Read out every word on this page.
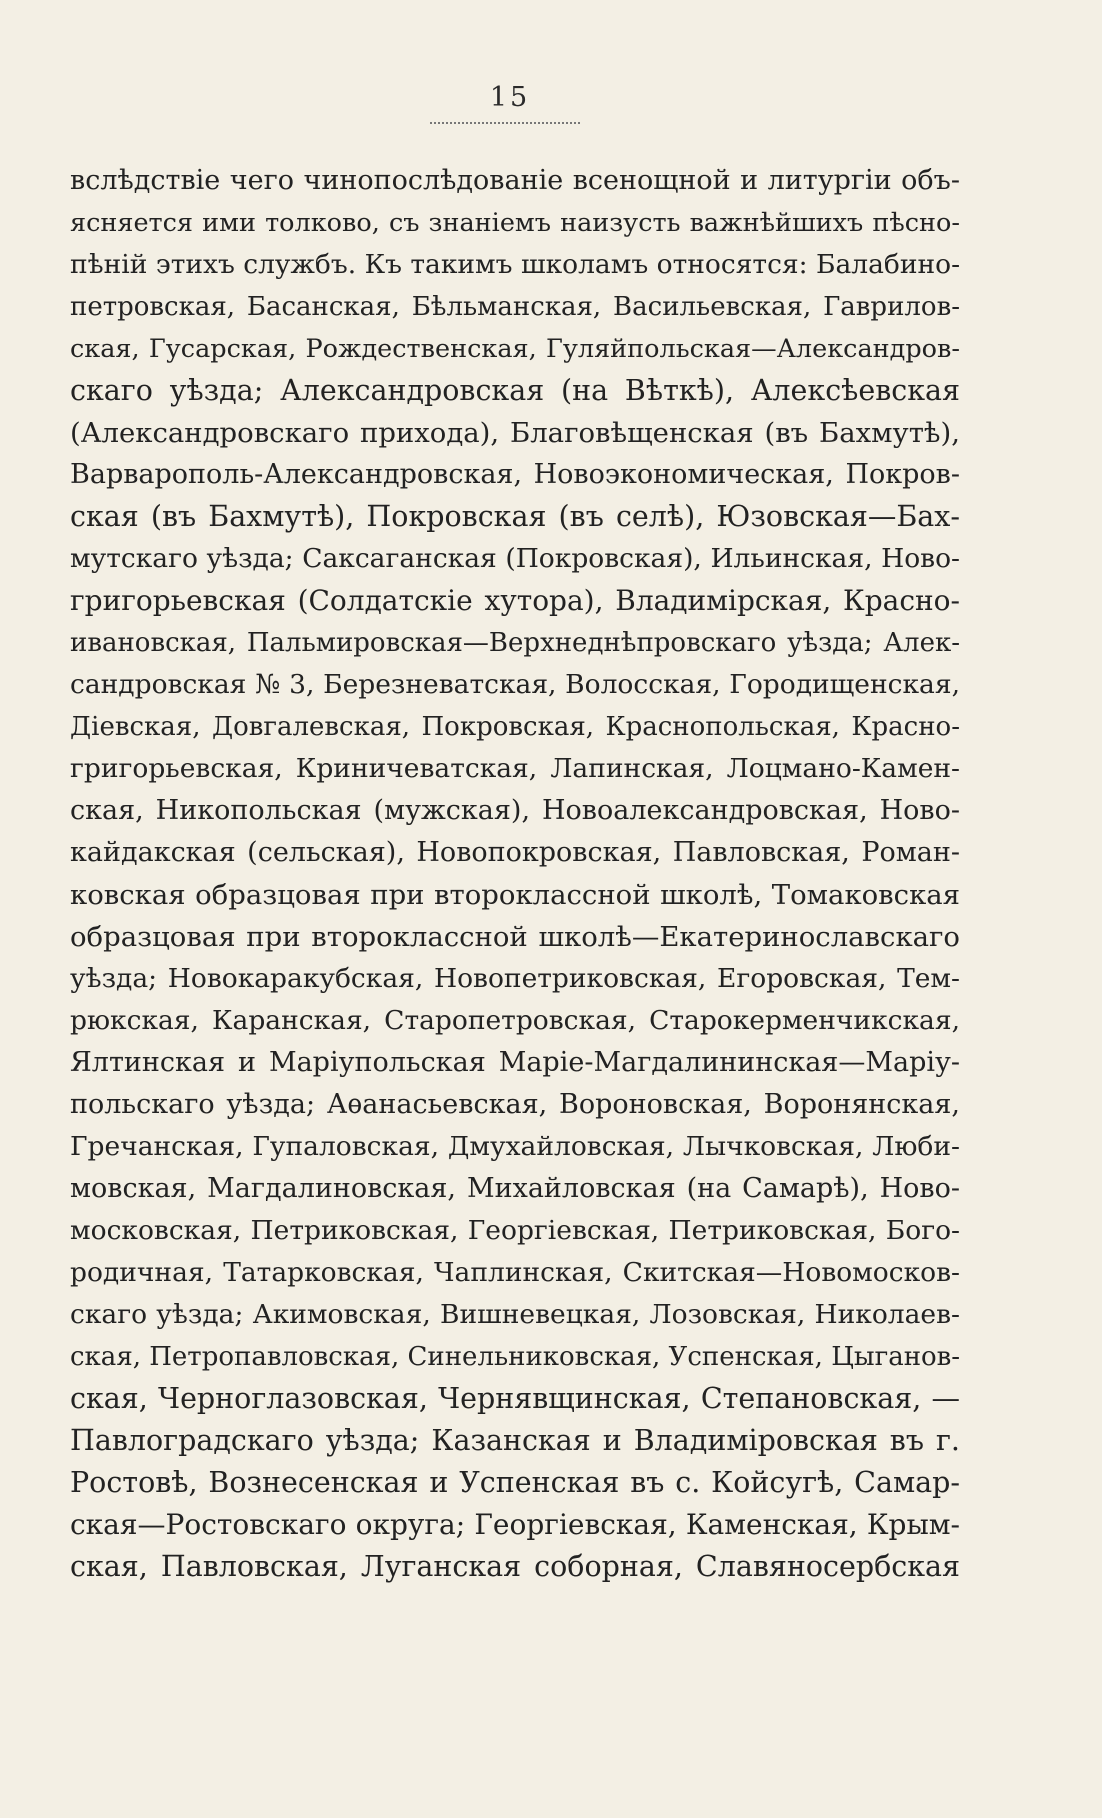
15
вслѣдствіе чего чинопослѣдованіе всенощной и литургіи объ-
ясняется ими толково, съ знаніемъ наизусть важнѣйшихъ пѣсно-
пѣній этихъ службъ. Къ такимъ школамъ относятся: Балабино-
петровская, Басанская, Бѣльманская, Васильевская, Гаврилов-
ская, Гусарская, Рождественская, Гуляйпольская—Александров-
скаго уѣзда; Александровская (на Вѣткѣ), Алексѣевская
(Александровскаго прихода), Благовѣщенская (въ Бахмутѣ),
Варварополь-Александровская, Новоэкономическая, Покров-
ская (въ Бахмутѣ), Покровская (въ селѣ), Юзовская—Бах-
мутскаго уѣзда; Саксаганская (Покровская), Ильинская, Ново-
григорьевская (Солдатскіе хутора), Владимірская, Красно-
ивановская, Пальмировская—Верхнеднѣпровскаго уѣзда; Алек-
сандровская № 3, Березневатская, Волосская, Городищенская,
Діевская, Довгалевская, Покровская, Краснопольская, Красно-
григорьевская, Криничеватская, Лапинская, Лоцмано-Камен-
ская, Никопольская (мужская), Новоалександровская, Ново-
кайдакская (сельская), Новопокровская, Павловская, Роман-
ковская образцовая при второклассной школѣ, Томаковская
образцовая при второклассной школѣ—Екатеринославскаго
уѣзда; Новокаракубская, Новопетриковская, Егоровская, Тем-
рюкская, Каранская, Старопетровская, Старокерменчикская,
Ялтинская и Маріупольская Маріе-Магдалининская—Маріу-
польскаго уѣзда; Аѳанасьевская, Вороновская, Воронянская,
Гречанская, Гупаловская, Дмухайловская, Лычковская, Люби-
мовская, Магдалиновская, Михайловская (на Самарѣ), Ново-
московская, Петриковская, Георгіевская, Петриковская, Бого-
родичная, Татарковская, Чаплинская, Скитская—Новомосков-
скаго уѣзда; Акимовская, Вишневецкая, Лозовская, Николаев-
ская, Петропавловская, Синельниковская, Успенская, Цыганов-
ская, Черноглазовская, Чернявщинская, Степановская, —
Павлоградскаго уѣзда; Казанская и Владиміровская въ г.
Ростовѣ, Вознесенская и Успенская въ с. Койсугѣ, Самар-
ская—Ростовскаго округа; Георгіевская, Каменская, Крым-
ская, Павловская, Луганская соборная, Славяносербская
